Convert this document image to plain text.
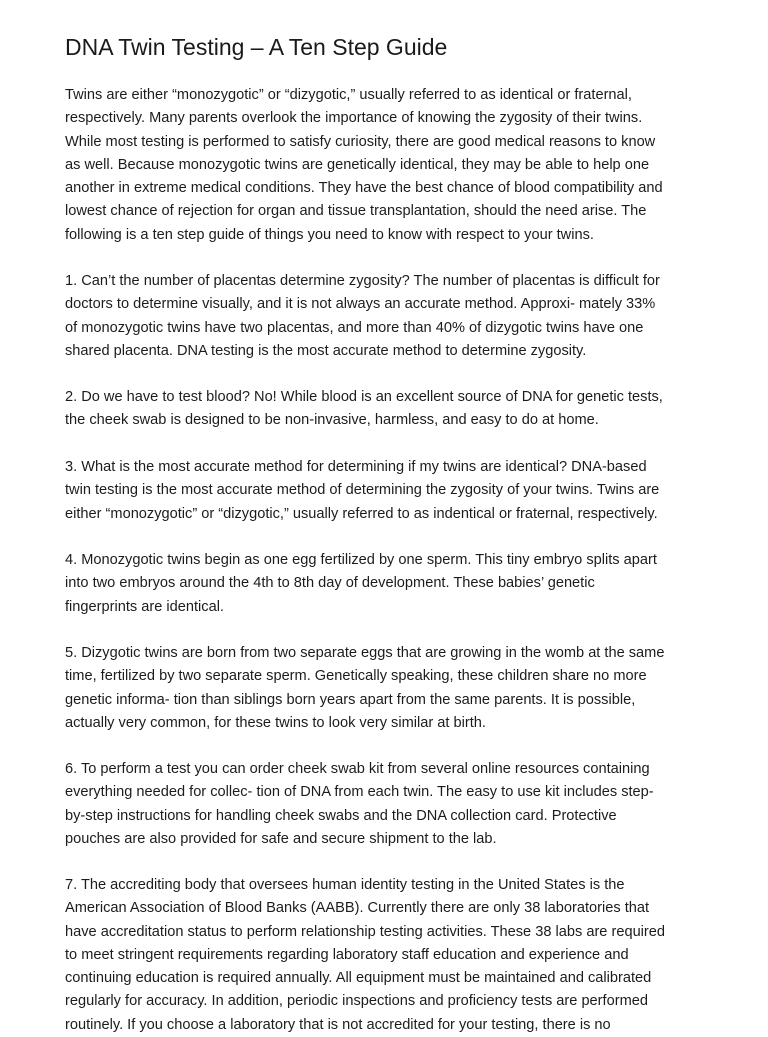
DNA Twin Testing – A Ten Step Guide

Twins are either “monozygotic” or “dizygotic,” usually referred to as identical or fraternal,
respectively. Many parents overlook the importance of knowing the zygosity of their twins.
While most testing is performed to satisfy curiosity, there are good medical reasons to know
as well. Because monozygotic twins are genetically identical, they may be able to help one
another in extreme medical conditions. They have the best chance of blood compatibility and
lowest chance of rejection for organ and tissue transplantation, should the need arise. The
following is a ten step guide of things you need to know with respect to your twins.

1. Can’t the number of placentas determine zygosity? The number of placentas is difficult for
doctors to determine visually, and it is not always an accurate method. Approxi- mately 33%
of monozygotic twins have two placentas, and more than 40% of dizygotic twins have one
shared placenta. DNA testing is the most accurate method to determine zygosity.

2. Do we have to test blood? No! While blood is an excellent source of DNA for genetic tests,
the cheek swab is designed to be non-invasive, harmless, and easy to do at home.

3. What is the most accurate method for determining if my twins are identical? DNA-based
twin testing is the most accurate method of determining the zygosity of your twins. Twins are
either “monozygotic” or “dizygotic,” usually referred to as indentical or fraternal, respectively.

4. Monozygotic twins begin as one egg fertilized by one sperm. This tiny embryo splits apart
into two embryos around the 4th to 8th day of development. These babies’ genetic
fingerprints are identical.

5. Dizygotic twins are born from two separate eggs that are growing in the womb at the same
time, fertilized by two separate sperm. Genetically speaking, these children share no more
genetic informa- tion than siblings born years apart from the same parents. It is possible,
actually very common, for these twins to look very similar at birth.

6. To perform a test you can order cheek swab kit from several online resources containing
everything needed for collec- tion of DNA from each twin. The easy to use kit includes step-
by-step instructions for handling cheek swabs and the DNA collection card. Protective
pouches are also provided for safe and secure shipment to the lab.

7. The accrediting body that oversees human identity testing in the United States is the
American Association of Blood Banks (AABB). Currently there are only 38 laboratories that
have accreditation status to perform relationship testing activities. These 38 labs are required
to meet stringent requirements regarding laboratory staff education and experience and
continuing education is required annually. All equipment must be maintained and calibrated
regularly for accuracy. In addition, periodic inspections and proficiency tests are performed
routinely. If you choose a laboratory that is not accredited for your testing, there is no
